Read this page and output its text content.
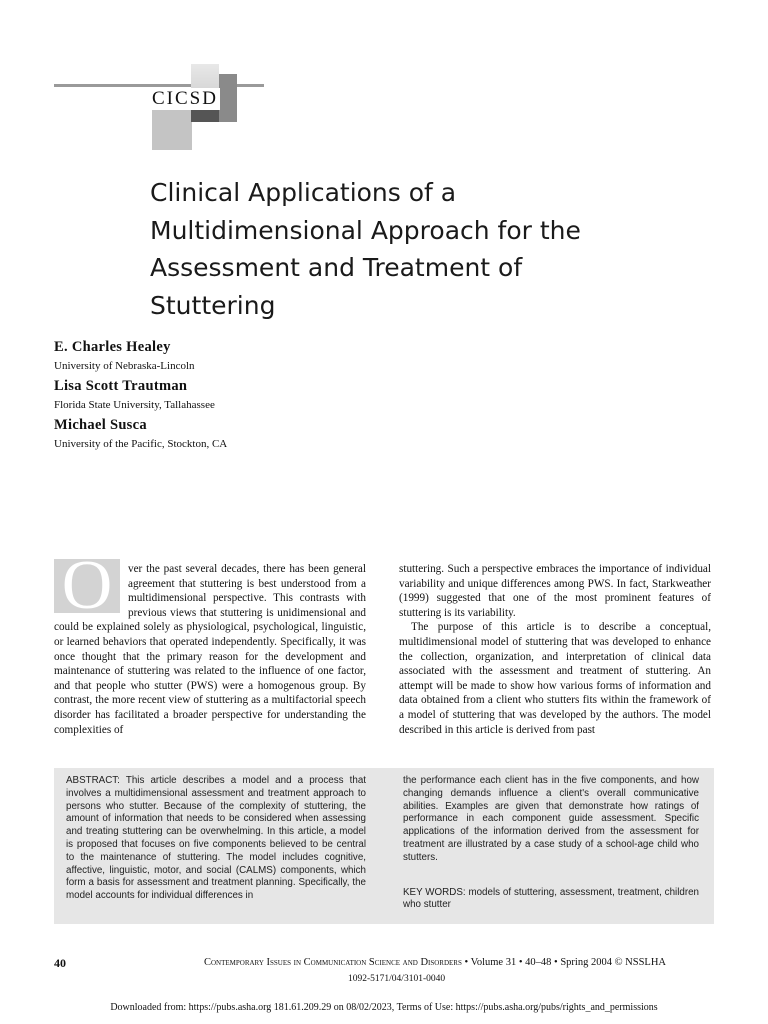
CICSD
Clinical Applications of a Multidimensional Approach for the Assessment and Treatment of Stuttering
E. Charles Healey
University of Nebraska-Lincoln
Lisa Scott Trautman
Florida State University, Tallahassee
Michael Susca
University of the Pacific, Stockton, CA
O	ver the past several decades, there has been general agreement that stuttering is best understood from a multidimensional perspective. This contrasts with previous views that stuttering is unidimensional and could be explained solely as physiological, psychological, linguistic, or learned behaviors that operated independently. Specifically, it was once thought that the primary reason for the development and maintenance of stuttering was related to the influence of one factor, and that people who stutter (PWS) were a homogenous group. By contrast, the more recent view of stuttering as a multifactorial speech disorder has facilitated a broader perspective for understanding the complexities of

stuttering. Such a perspective embraces the importance of individual variability and unique differences among PWS. In fact, Starkweather (1999) suggested that one of the most prominent features of stuttering is its variability.

The purpose of this article is to describe a conceptual, multidimensional model of stuttering that was developed to enhance the collection, organization, and interpretation of clinical data associated with the assessment and treatment of stuttering. An attempt will be made to show how various forms of information and data obtained from a client who stutters fits within the framework of a model of stuttering that was developed by the authors. The model described in this article is derived from past

ABSTRACT: This article describes a model and a process that involves a multidimensional assessment and treatment approach to persons who stutter. Because of the complexity of stuttering, the amount of information that needs to be considered when assessing and treating stuttering can be overwhelming. In this article, a model is proposed that focuses on five components believed to be central to the maintenance of stuttering. The model includes cognitive, affective, linguistic, motor, and social (CALMS) components, which form a basis for assessment and treatment planning. Specifically, the model accounts for individual differences in
the performance each client has in the five components, and how changing demands influence a client's overall communicative abilities. Examples are given that demonstrate how ratings of performance in each component guide assessment. Specific applications of the information derived from the assessment for treatment are illustrated by a case study of a school-age child who stutters.
KEY WORDS: models of stuttering, assessment, treatment, children who stutter
40	Contemporary Issues in Communication Science and Disorders • Volume 31 • 40–48 • Spring 2004 © NSSLHA
1092-5171/04/3101-0040
Downloaded from: https://pubs.asha.org 181.61.209.29 on 08/02/2023, Terms of Use: https://pubs.asha.org/pubs/rights_and_permissions
